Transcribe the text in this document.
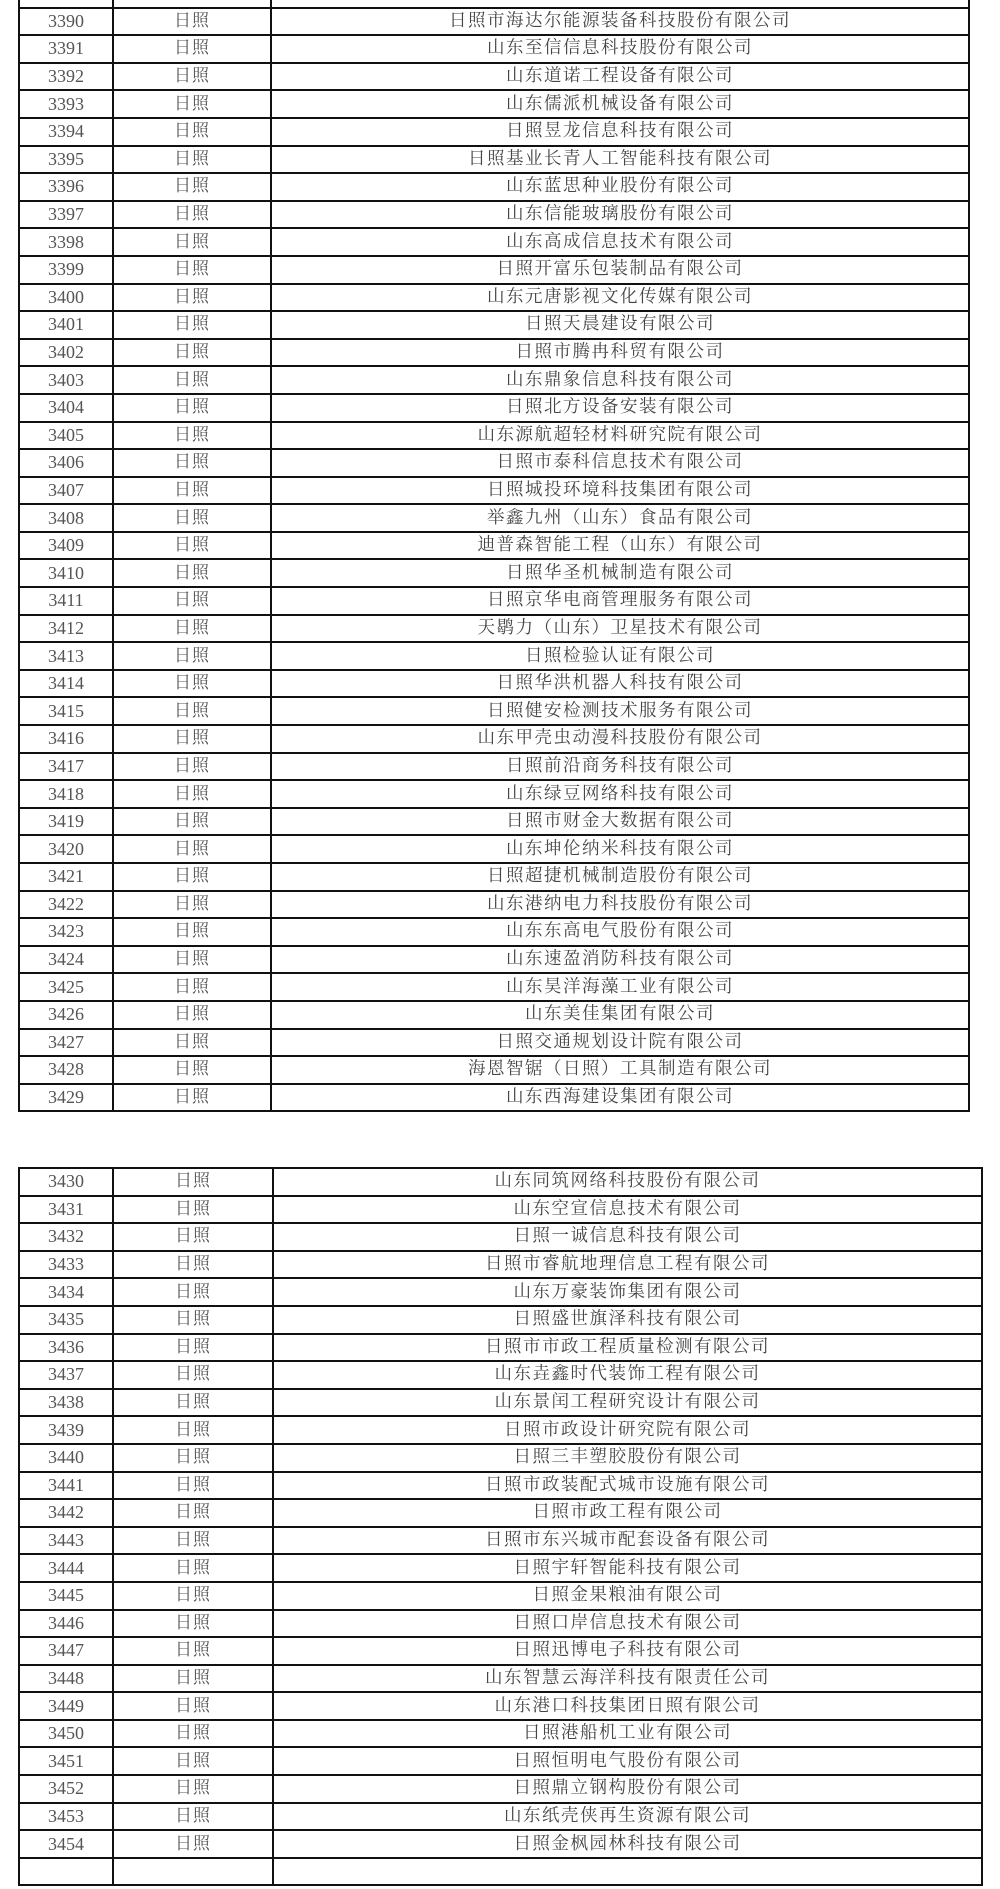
3390	日照	日照市海达尔能源装备科技股份有限公司
3391	日照	山东至信信息科技股份有限公司
3392	日照	山东道诺工程设备有限公司
3393	日照	山东儒派机械设备有限公司
3394	日照	日照昱龙信息科技有限公司
3395	日照	日照基业长青人工智能科技有限公司
3396	日照	山东蓝思种业股份有限公司
3397	日照	山东信能玻璃股份有限公司
3398	日照	山东高成信息技术有限公司
3399	日照	日照开富乐包装制品有限公司
3400	日照	山东元唐影视文化传媒有限公司
3401	日照	日照天晨建设有限公司
3402	日照	日照市腾冉科贸有限公司
3403	日照	山东鼎象信息科技有限公司
3404	日照	日照北方设备安装有限公司
3405	日照	山东源航超轻材料研究院有限公司
3406	日照	日照市泰科信息技术有限公司
3407	日照	日照城投环境科技集团有限公司
3408	日照	举鑫九州（山东）食品有限公司
3409	日照	迪普森智能工程（山东）有限公司
3410	日照	日照华圣机械制造有限公司
3411	日照	日照京华电商管理服务有限公司
3412	日照	天鹖力（山东）卫星技术有限公司
3413	日照	日照检验认证有限公司
3414	日照	日照华洪机器人科技有限公司
3415	日照	日照健安检测技术服务有限公司
3416	日照	山东甲壳虫动漫科技股份有限公司
3417	日照	日照前沿商务科技有限公司
3418	日照	山东绿豆网络科技有限公司
3419	日照	日照市财金大数据有限公司
3420	日照	山东坤伦纳米科技有限公司
3421	日照	日照超捷机械制造股份有限公司
3422	日照	山东港纳电力科技股份有限公司
3423	日照	山东东高电气股份有限公司
3424	日照	山东速盈消防科技有限公司
3425	日照	山东昊洋海藻工业有限公司
3426	日照	山东美佳集团有限公司
3427	日照	日照交通规划设计院有限公司
3428	日照	海恩智锯（日照）工具制造有限公司
3429	日照	山东西海建设集团有限公司
3430	日照	山东同筑网络科技股份有限公司
3431	日照	山东空宣信息技术有限公司
3432	日照	日照一诚信息科技有限公司
3433	日照	日照市睿航地理信息工程有限公司
3434	日照	山东万豪装饰集团有限公司
3435	日照	日照盛世旗泽科技有限公司
3436	日照	日照市市政工程质量检测有限公司
3437	日照	山东垚鑫时代装饰工程有限公司
3438	日照	山东景闰工程研究设计有限公司
3439	日照	日照市政设计研究院有限公司
3440	日照	日照三丰塑胶股份有限公司
3441	日照	日照市政装配式城市设施有限公司
3442	日照	日照市政工程有限公司
3443	日照	日照市东兴城市配套设备有限公司
3444	日照	日照宇轩智能科技有限公司
3445	日照	日照金果粮油有限公司
3446	日照	日照口岸信息技术有限公司
3447	日照	日照迅博电子科技有限公司
3448	日照	山东智慧云海洋科技有限责任公司
3449	日照	山东港口科技集团日照有限公司
3450	日照	日照港船机工业有限公司
3451	日照	日照恒明电气股份有限公司
3452	日照	日照鼎立钢构股份有限公司
3453	日照	山东纸壳侠再生资源有限公司
3454	日照	日照金枫园林科技有限公司
